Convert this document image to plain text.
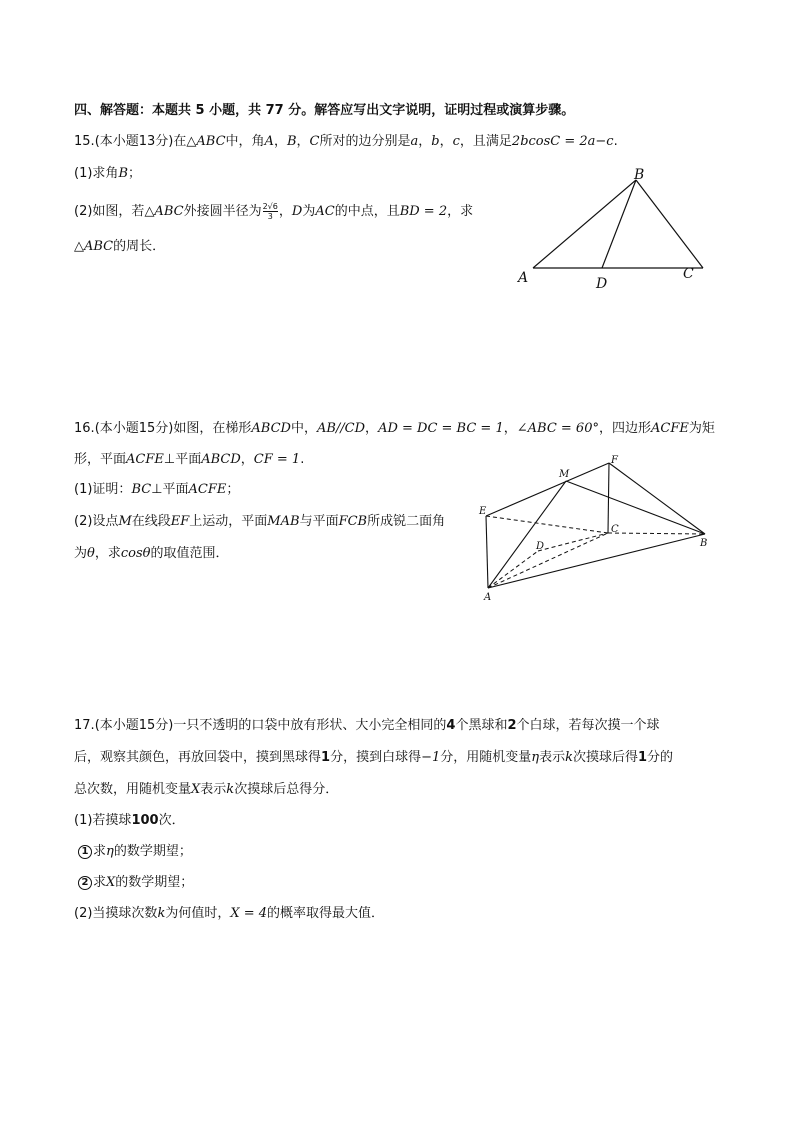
四、解答题：本题共 5 小题，共 77 分。解答应写出文字说明，证明过程或演算步骤。
15.(本小题13分)在△ABC中，角A，B，C所对的边分别是a，b，c，且满足2bcosC = 2a−c.
(1)求角B；
(2)如图，若△ABC外接圆半径为 $\frac{2√6}{3}$ ，D为AC的中点，且BD = 2，求
△ABC的周长．
A
B
C
D
16.(本小题15分)如图，在梯形ABCD中，AB//CD，AD = DC = BC = 1，∠ABC = 60°，四边形ACFE为矩
形，平面ACFE⊥平面ABCD，CF = 1.
(1)证明：BC⊥平面ACFE；
(2)设点M在线段EF上运动，平面MAB与平面FCB所成锐二面角
为θ，求cosθ的取值范围．
E
M
F
C
D	B
A
17.(本小题15分)一只不透明的口袋中放有形状、大小完全相同的4个黑球和2个白球，若每次摸一个球
后，观察其颜色，再放回袋中，摸到黑球得1分，摸到白球得−1分，用随机变量η表示k次摸球后得1分的
总次数，用随机变量X表示k次摸球后总得分．
(1)若摸球100次．
1 求η的数学期望；
2 求X的数学期望；
(2)当摸球次数k为何值时，X = 4的概率取得最大值．
